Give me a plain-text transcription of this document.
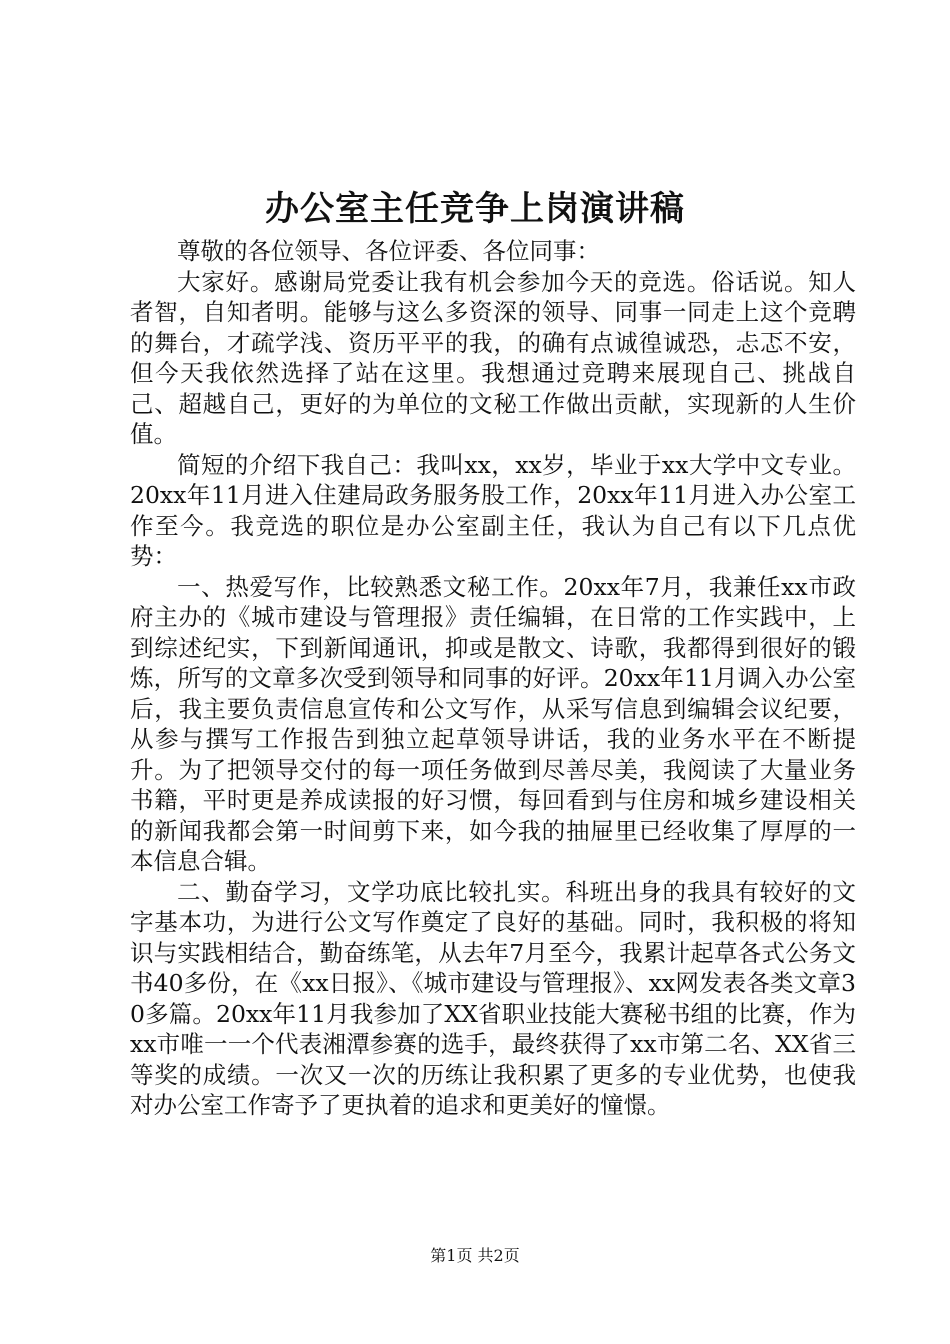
办公室主任竞争上岗演讲稿

尊敬的各位领导、各位评委、各位同事：

大家好。感谢局党委让我有机会参加今天的竞选。俗话说。知人者智，自知者明。能够与这么多资深的领导、同事一同走上这个竞聘的舞台，才疏学浅、资历平平的我，的确有点诚徨诚恐，忐忑不安，但今天我依然选择了站在这里。我想通过竞聘来展现自己、挑战自己、超越自己，更好的为单位的文秘工作做出贡献，实现新的人生价值。

简短的介绍下我自己：我叫xx，xx岁，毕业于xx大学中文专业。20xx年11月进入住建局政务服务股工作，20xx年11月进入办公室工作至今。我竞选的职位是办公室副主任，我认为自己有以下几点优势：

一、热爱写作，比较熟悉文秘工作。20xx年7月，我兼任xx市政府主办的《城市建设与管理报》责任编辑，在日常的工作实践中，上到综述纪实，下到新闻通讯，抑或是散文、诗歌，我都得到很好的锻炼，所写的文章多次受到领导和同事的好评。20xx年11月调入办公室后，我主要负责信息宣传和公文写作，从采写信息到编辑会议纪要，从参与撰写工作报告到独立起草领导讲话，我的业务水平在不断提升。为了把领导交付的每一项任务做到尽善尽美，我阅读了大量业务书籍，平时更是养成读报的好习惯，每回看到与住房和城乡建设相关的新闻我都会第一时间剪下来，如今我的抽屉里已经收集了厚厚的一本信息合辑。

二、勤奋学习，文学功底比较扎实。科班出身的我具有较好的文字基本功，为进行公文写作奠定了良好的基础。同时，我积极的将知识与实践相结合，勤奋练笔，从去年7月至今，我累计起草各式公务文书40多份，在《xx日报》、《城市建设与管理报》、xx网发表各类文章30多篇。20xx年11月我参加了XX省职业技能大赛秘书组的比赛，作为xx市唯一一个代表湘潭参赛的选手，最终获得了xx市第二名、XX省三等奖的成绩。一次又一次的历练让我积累了更多的专业优势，也使我对办公室工作寄予了更执着的追求和更美好的憧憬。

第1页 共2页
